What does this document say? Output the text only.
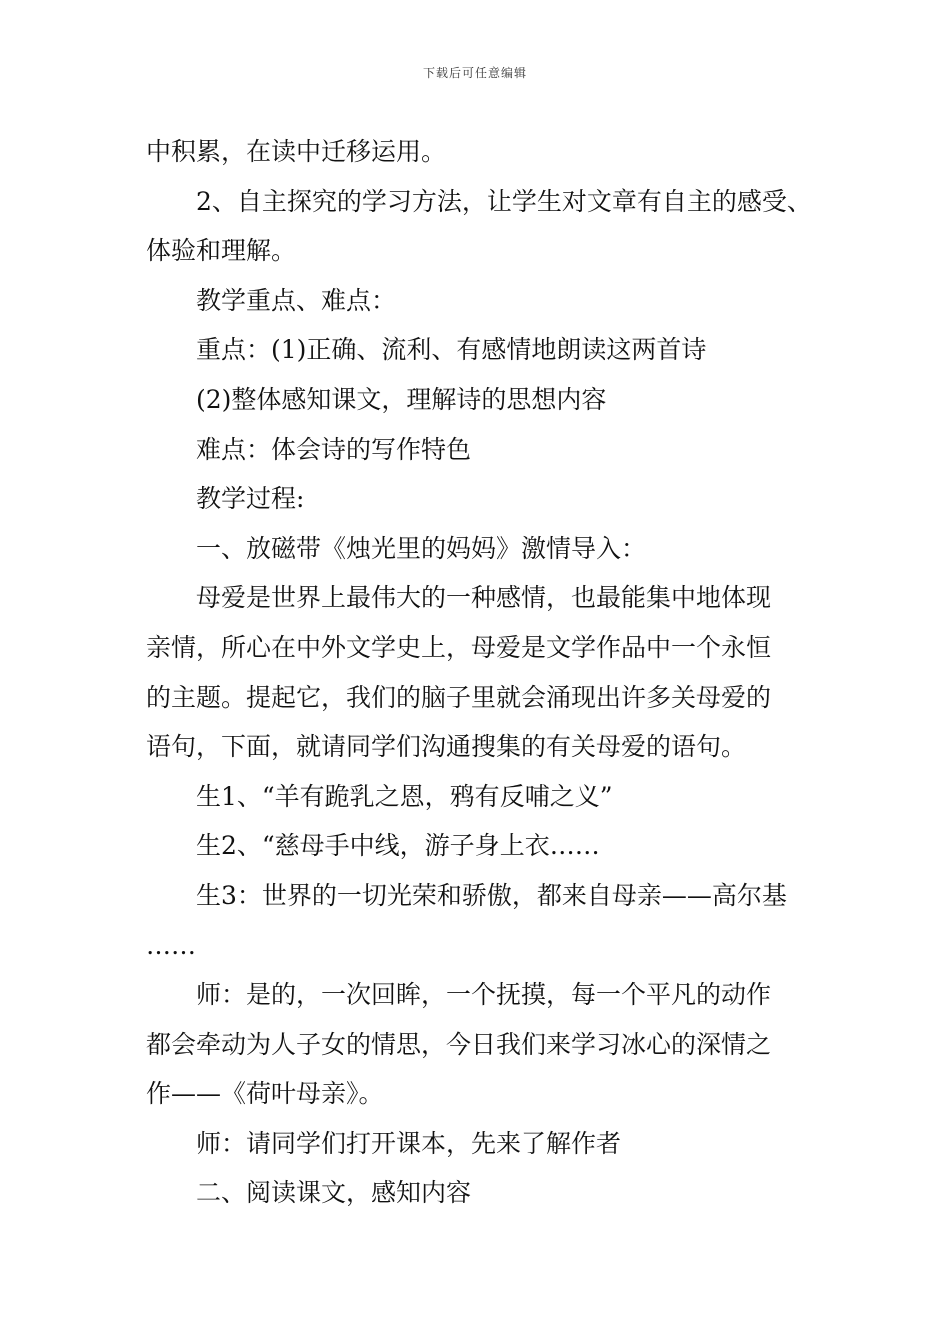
下载后可任意编辑

中积累，在读中迁移运用。

2、自主探究的学习方法，让学生对文章有自主的感受、

体验和理解。

教学重点、难点：

重点：(1)正确、流利、有感情地朗读这两首诗

(2)整体感知课文，理解诗的思想内容

难点：体会诗的写作特色

教学过程:

一、放磁带《烛光里的妈妈》激情导入：

母爱是世界上最伟大的一种感情，也最能集中地体现

亲情，所心在中外文学史上，母爱是文学作品中一个永恒

的主题。提起它，我们的脑子里就会涌现出许多关母爱的

语句，下面，就请同学们沟通搜集的有关母爱的语句。

生1、“羊有跪乳之恩，鸦有反哺之义”

生2、“慈母手中线，游子身上衣……

生3：世界的一切光荣和骄傲，都来自母亲——高尔基

……

师：是的，一次回眸，一个抚摸，每一个平凡的动作

都会牵动为人子女的情思，今日我们来学习冰心的深情之

作——《荷叶母亲》。

师：请同学们打开课本，先来了解作者

二、阅读课文，感知内容
